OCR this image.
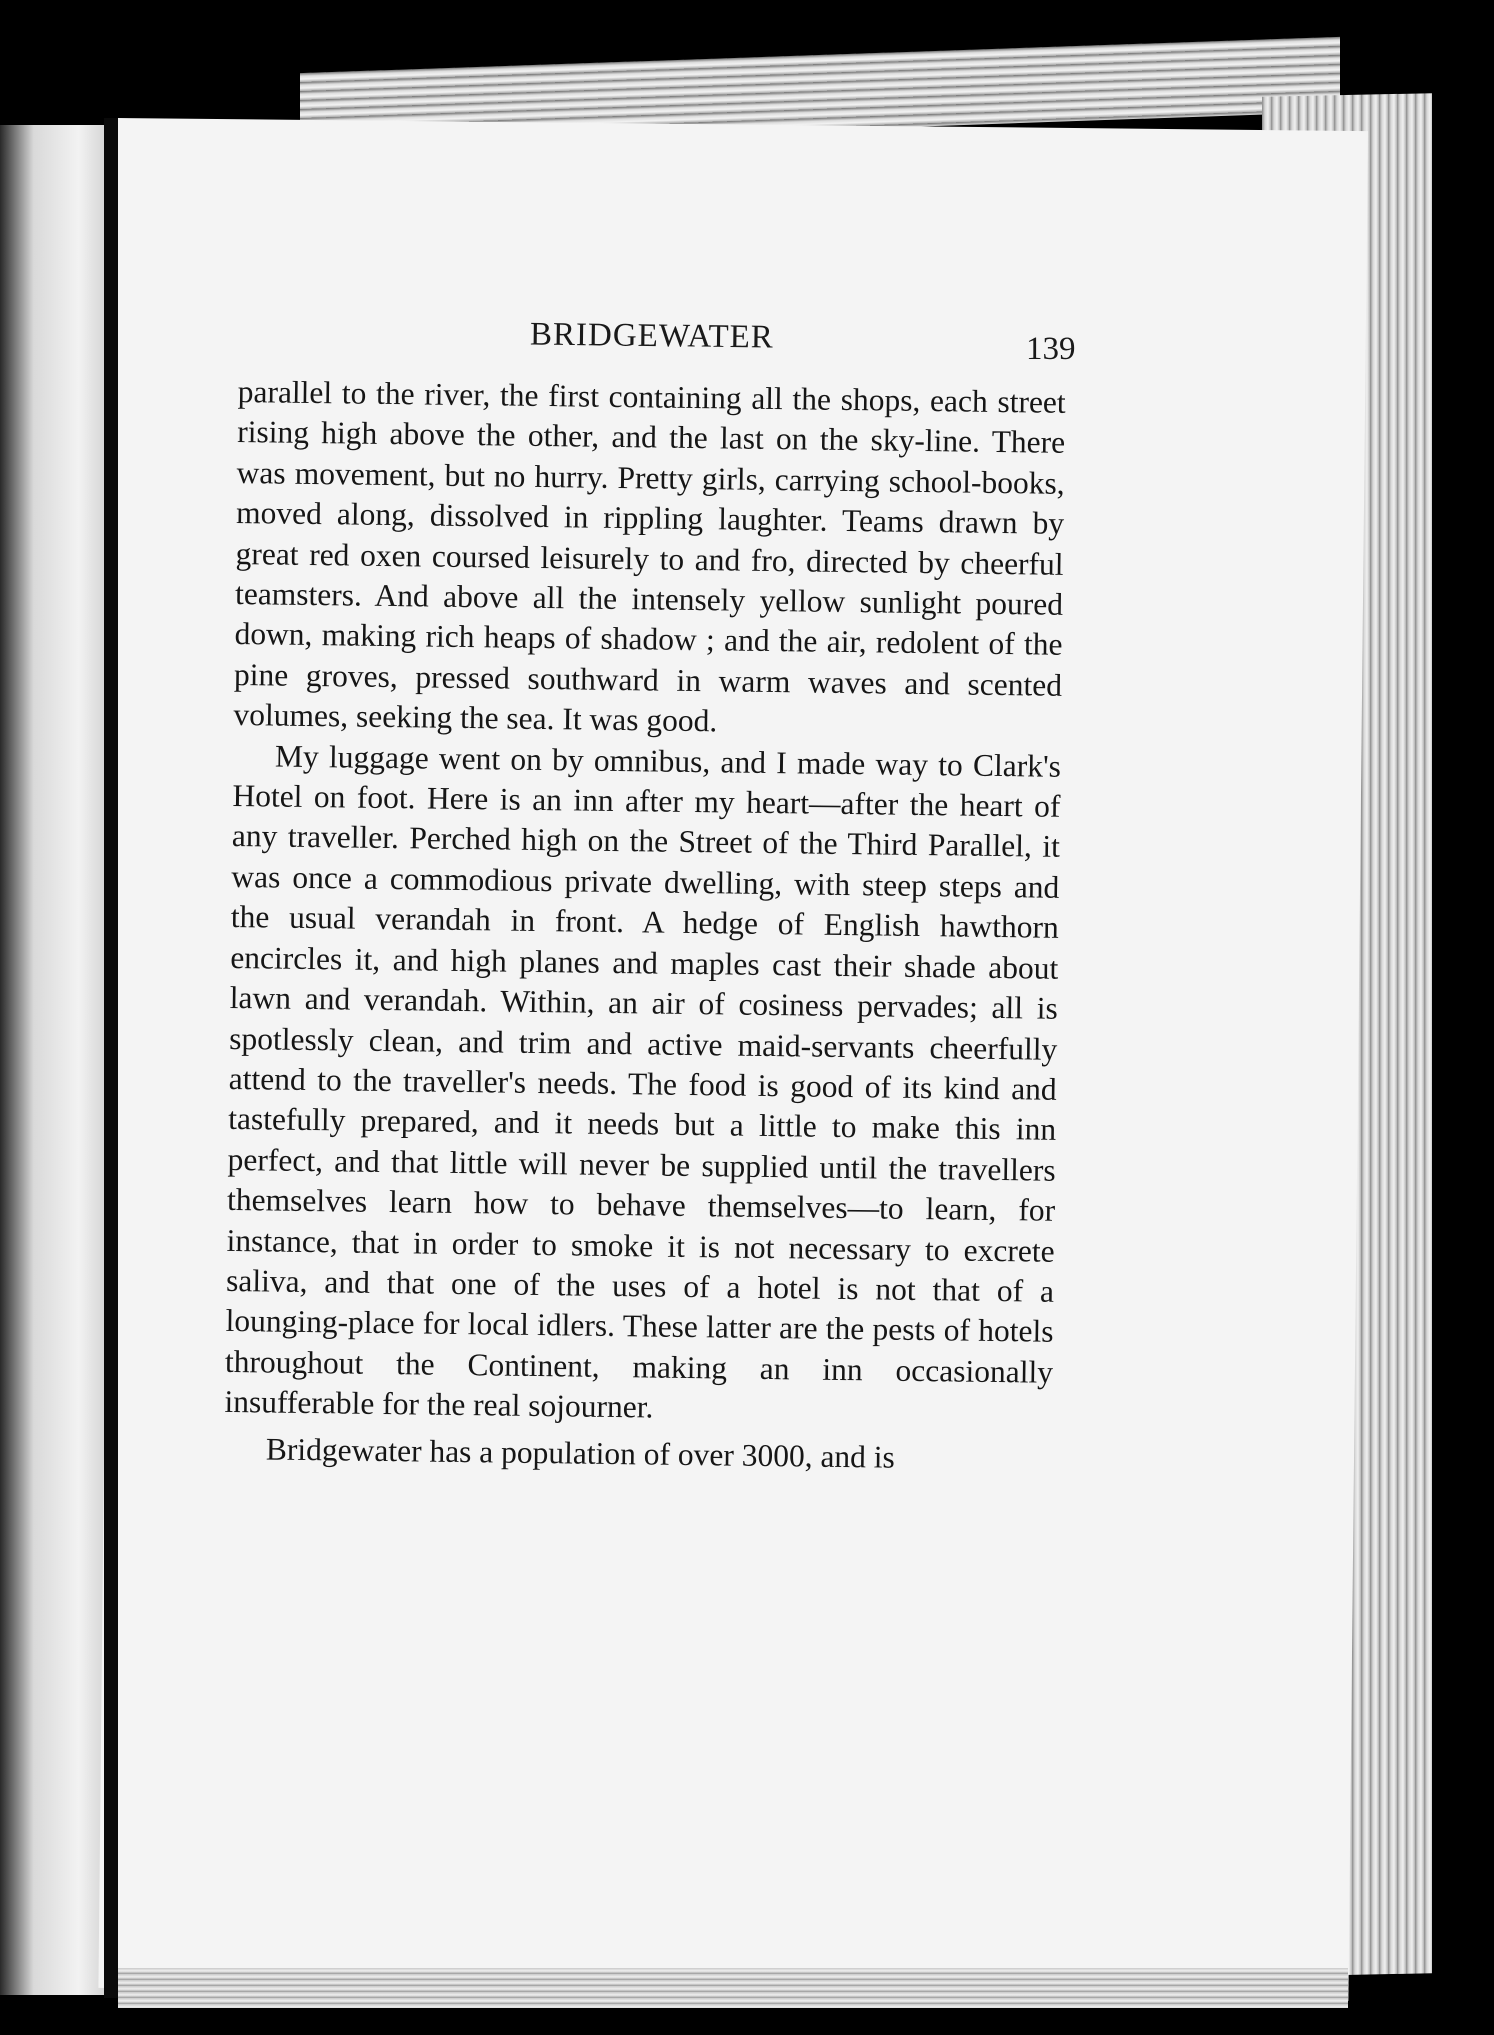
BRIDGEWATER	139

parallel to the river, the first containing all the shops, each street rising high above the other, and the last on the sky-line. There was movement, but no hurry. Pretty girls, carrying school-books, moved along, dissolved in rippling laughter. Teams drawn by great red oxen coursed leisurely to and fro, directed by cheerful teamsters. And above all the intensely yellow sunlight poured down, making rich heaps of shadow ; and the air, redolent of the pine groves, pressed southward in warm waves and scented volumes, seeking the sea. It was good.

My luggage went on by omnibus, and I made way to Clark's Hotel on foot. Here is an inn after my heart—after the heart of any traveller. Perched high on the Street of the Third Parallel, it was once a commodious private dwelling, with steep steps and the usual verandah in front. A hedge of English hawthorn encircles it, and high planes and maples cast their shade about lawn and verandah. Within, an air of cosiness pervades; all is spotlessly clean, and trim and active maid-servants cheerfully attend to the traveller's needs. The food is good of its kind and tastefully prepared, and it needs but a little to make this inn perfect, and that little will never be supplied until the travellers themselves learn how to behave themselves—to learn, for instance, that in order to smoke it is not necessary to excrete saliva, and that one of the uses of a hotel is not that of a lounging-place for local idlers. These latter are the pests of hotels throughout the Continent, making an inn occasionally insufferable for the real sojourner.

Bridgewater has a population of over 3000, and is
